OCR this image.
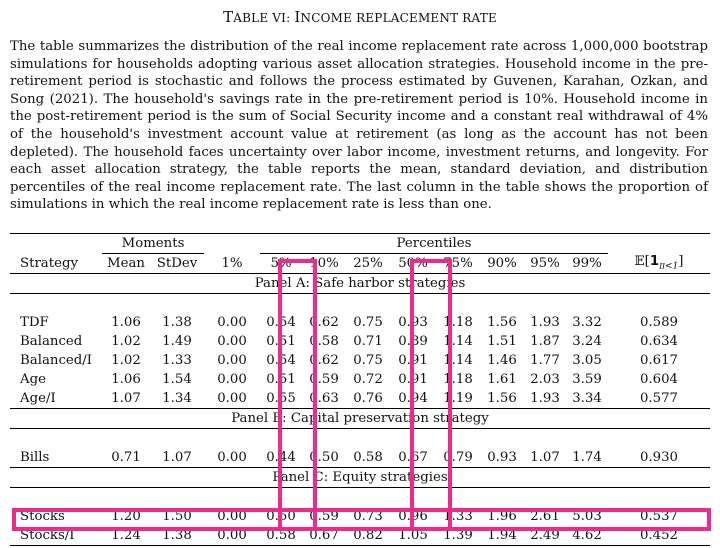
TABLE VI: INCOME REPLACEMENT RATE
The table summarizes the distribution of the real income replacement rate across 1,000,000 bootstrap simulations for households adopting various asset allocation strategies. Household income in the pre-retirement period is stochastic and follows the process estimated by Guvenen, Karahan, Ozkan, and Song (2021). The household's savings rate in the pre-retirement period is 10%. Household income in the post-retirement period is the sum of Social Security income and a constant real withdrawal of 4% of the household's investment account value at retirement (as long as the account has not been depleted). The household faces uncertainty over labor income, investment returns, and longevity. For each asset allocation strategy, the table reports the mean, standard deviation, and distribution percentiles of the real income replacement rate. The last column in the table shows the proportion of simulations in which the real income replacement rate is less than one.
	Moments			Percentiles								
Strategy	Mean	StDev	1%	5%	10%	25%	50%	75%	90%	95%	99%	$𝔼[1_{\pi<1}]$
Panel A: Safe harbor strategies												

TDF	1.06	1.38	0.00	0.54	0.62	0.75	0.93	1.18	1.56	1.93	3.32	0.589
Balanced	1.02	1.49	0.00	0.51	0.58	0.71	0.89	1.14	1.51	1.87	3.24	0.634
Balanced/I	1.02	1.33	0.00	0.54	0.62	0.75	0.91	1.14	1.46	1.77	3.05	0.617
Age	1.06	1.54	0.00	0.51	0.59	0.72	0.91	1.18	1.61	2.03	3.59	0.604
Age/I	1.07	1.34	0.00	0.55	0.63	0.76	0.94	1.19	1.56	1.93	3.34	0.577
Panel B: Capital preservation strategy												

Bills	0.71	1.07	0.00	0.44	0.50	0.58	0.67	0.79	0.93	1.07	1.74	0.930
Panel C: Equity strategies												

Stocks	1.20	1.50	0.00	0.50	0.59	0.73	0.96	1.33	1.96	2.61	5.03	0.537
Stocks/I	1.24	1.38	0.00	0.58	0.67	0.82	1.05	1.39	1.94	2.49	4.62	0.452
